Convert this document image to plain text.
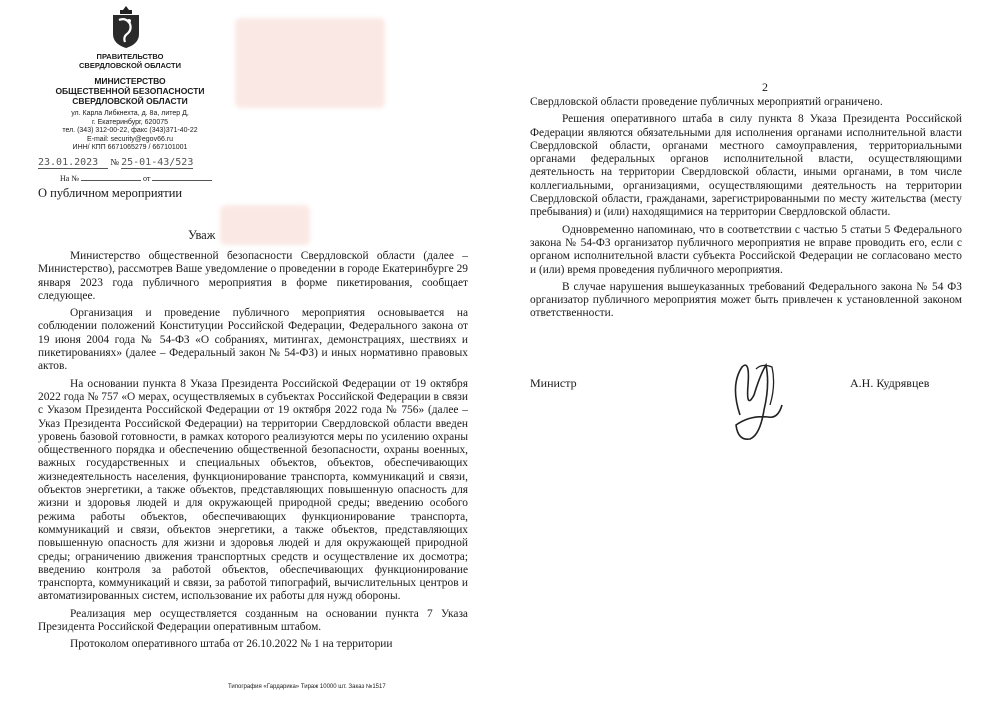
ПРАВИТЕЛЬСТВО
СВЕРДЛОВСКОЙ ОБЛАСТИ
МИНИСТЕРСТВО
ОБЩЕСТВЕННОЙ БЕЗОПАСНОСТИ
СВЕРДЛОВСКОЙ ОБЛАСТИ
ул. Карла Либкнехта, д. 8а, литер Д,
г. Екатеринбург, 620075
тел. (343) 312-00-22, факс (343)371-40-22
E-mail: security@egov66.ru
ИНН/ КПП 6671065279 / 667101001
23.01.2023 № 25-01-43/523
На №	от
О публичном мероприятии
Уваж

Министерство общественной безопасности Свердловской области (далее – Министерство), рассмотрев Ваше уведомление о проведении в городе Екатеринбурге 29 января 2023 года публичного мероприятия в форме пикетирования, сообщает следующее.

Организация и проведение публичного мероприятия основывается на соблюдении положений Конституции Российской Федерации, Федерального закона от 19 июня 2004 года № 54-ФЗ «О собраниях, митингах, демонстрациях, шествиях и пикетированиях» (далее – Федеральный закон № 54-ФЗ) и иных нормативно правовых актов.

На основании пункта 8 Указа Президента Российской Федерации от 19 октября 2022 года № 757 «О мерах, осуществляемых в субъектах Российской Федерации в связи с Указом Президента Российской Федерации от 19 октября 2022 года № 756» (далее – Указ Президента Российской Федерации) на территории Свердловской области введен уровень базовой готовности, в рамках которого реализуются меры по усилению охраны общественного порядка и обеспечению общественной безопасности, охраны военных, важных государственных и специальных объектов, объектов, обеспечивающих жизнедеятельность населения, функционирование транспорта, коммуникаций и связи, объектов энергетики, а также объектов, представляющих повышенную опасность для жизни и здоровья людей и для окружающей природной среды; введению особого режима работы объектов, обеспечивающих функционирование транспорта, коммуникаций и связи, объектов энергетики, а также объектов, представляющих повышенную опасность для жизни и здоровья людей и для окружающей природной среды; ограничению движения транспортных средств и осуществление их досмотра; введению контроля за работой объектов, обеспечивающих функционирование транспорта, коммуникаций и связи, за работой типографий, вычислительных центров и автоматизированных систем, использование их работы для нужд обороны.

Реализация мер осуществляется созданным на основании пункта 7 Указа Президента Российской Федерации оперативным штабом.

Протоколом оперативного штаба от 26.10.2022 № 1 на территории

Типография «Гардарика» Тираж 10000 шт. Заказ №1517
2

Свердловской области проведение публичных мероприятий ограничено.

Решения оперативного штаба в силу пункта 8 Указа Президента Российской Федерации являются обязательными для исполнения органами исполнительной власти Свердловской области, органами местного самоуправления, территориальными органами федеральных органов исполнительной власти, осуществляющими деятельность на территории Свердловской области, иными органами, в том числе коллегиальными, организациями, осуществляющими деятельность на территории Свердловской области, гражданами, зарегистрированными по месту жительства (месту пребывания) и (или) находящимися на территории Свердловской области.

Одновременно напоминаю, что в соответствии с частью 5 статьи 5 Федерального закона № 54-ФЗ организатор публичного мероприятия не вправе проводить его, если с органом исполнительной власти субъекта Российской Федерации не согласовано место и (или) время проведения публичного мероприятия.

В случае нарушения вышеуказанных требований Федерального закона № 54 ФЗ организатор публичного мероприятия может быть привлечен к установленной законом ответственности.

Министр	А.Н. Кудрявцев
